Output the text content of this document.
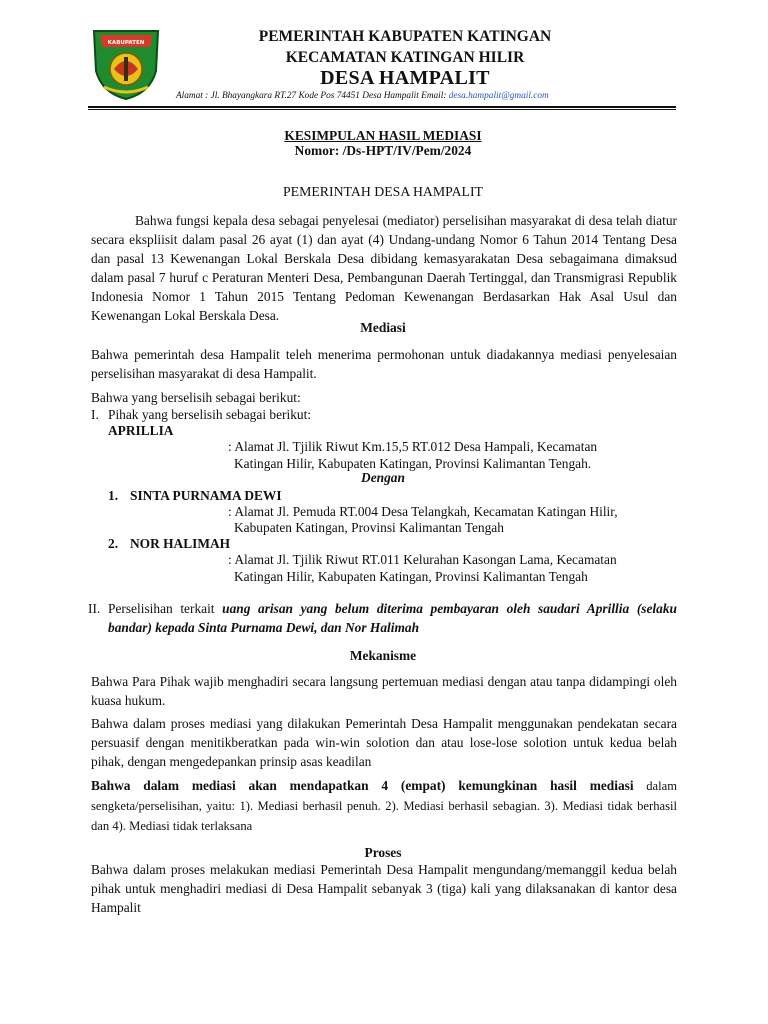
KABUPATEN	PEMERINTAH KABUPATEN KATINGAN
KECAMATAN KATINGAN HILIR
DESA HAMPALIT
Alamat : Jl. Bhayangkara RT.27 Kode Pos 74451 Desa Hampalit Email: desa.hampalit@gmail.com
KESIMPULAN HASIL MEDIASI
Nomor: /Ds-HPT/IV/Pem/2024
PEMERINTAH DESA HAMPALIT
Bahwa fungsi kepala desa sebagai penyelesai (mediator) perselisihan masyarakat di desa telah diatur secara ekspliisit dalam pasal 26 ayat (1) dan ayat (4) Undang-undang Nomor 6 Tahun 2014 Tentang Desa dan pasal 13 Kewenangan Lokal Berskala Desa dibidang kemasyarakatan Desa sebagaimana dimaksud dalam pasal 7 huruf c Peraturan Menteri Desa, Pembangunan Daerah Tertinggal, dan Transmigrasi Republik Indonesia Nomor 1 Tahun 2015 Tentang Pedoman Kewenangan Berdasarkan Hak Asal Usul dan Kewenangan Lokal Berskala Desa.
Mediasi
Bahwa pemerintah desa Hampalit teleh menerima permohonan untuk diadakannya mediasi penyelesaian perselisihan masyarakat di desa Hampalit.
Bahwa yang berselisih sebagai berikut:
I. Pihak yang berselisih sebagai berikut:
APRILLIA
: Alamat Jl. Tjilik Riwut Km.15,5 RT.012 Desa Hampali, Kecamatan
Katingan Hilir, Kabupaten Katingan, Provinsi Kalimantan Tengah.
Dengan
1. SINTA PURNAMA DEWI
: Alamat Jl. Pemuda RT.004 Desa Telangkah, Kecamatan Katingan Hilir,
Kabupaten Katingan, Provinsi Kalimantan Tengah
2. NOR HALIMAH
: Alamat Jl. Tjilik Riwut RT.011 Kelurahan Kasongan Lama, Kecamatan
Katingan Hilir, Kabupaten Katingan, Provinsi Kalimantan Tengah
II. Perselisihan terkait uang arisan yang belum diterima pembayaran oleh saudari Aprillia (selaku bandar) kepada Sinta Purnama Dewi, dan Nor Halimah
Mekanisme
Bahwa Para Pihak wajib menghadiri secara langsung pertemuan mediasi dengan atau tanpa didampingi oleh kuasa hukum.
Bahwa dalam proses mediasi yang dilakukan Pemerintah Desa Hampalit menggunakan pendekatan secara persuasif dengan menitikberatkan pada win-win solotion dan atau lose-lose solotion untuk kedua belah pihak, dengan mengedepankan prinsip asas keadilan
Bahwa dalam mediasi akan mendapatkan 4 (empat) kemungkinan hasil mediasi dalam sengketa/perselisihan, yaitu: 1). Mediasi berhasil penuh. 2). Mediasi berhasil sebagian. 3). Mediasi tidak berhasil dan 4). Mediasi tidak terlaksana
Proses
Bahwa dalam proses melakukan mediasi Pemerintah Desa Hampalit mengundang/memanggil kedua belah pihak untuk menghadiri mediasi di Desa Hampalit sebanyak 3 (tiga) kali yang dilaksanakan di kantor desa Hampalit
